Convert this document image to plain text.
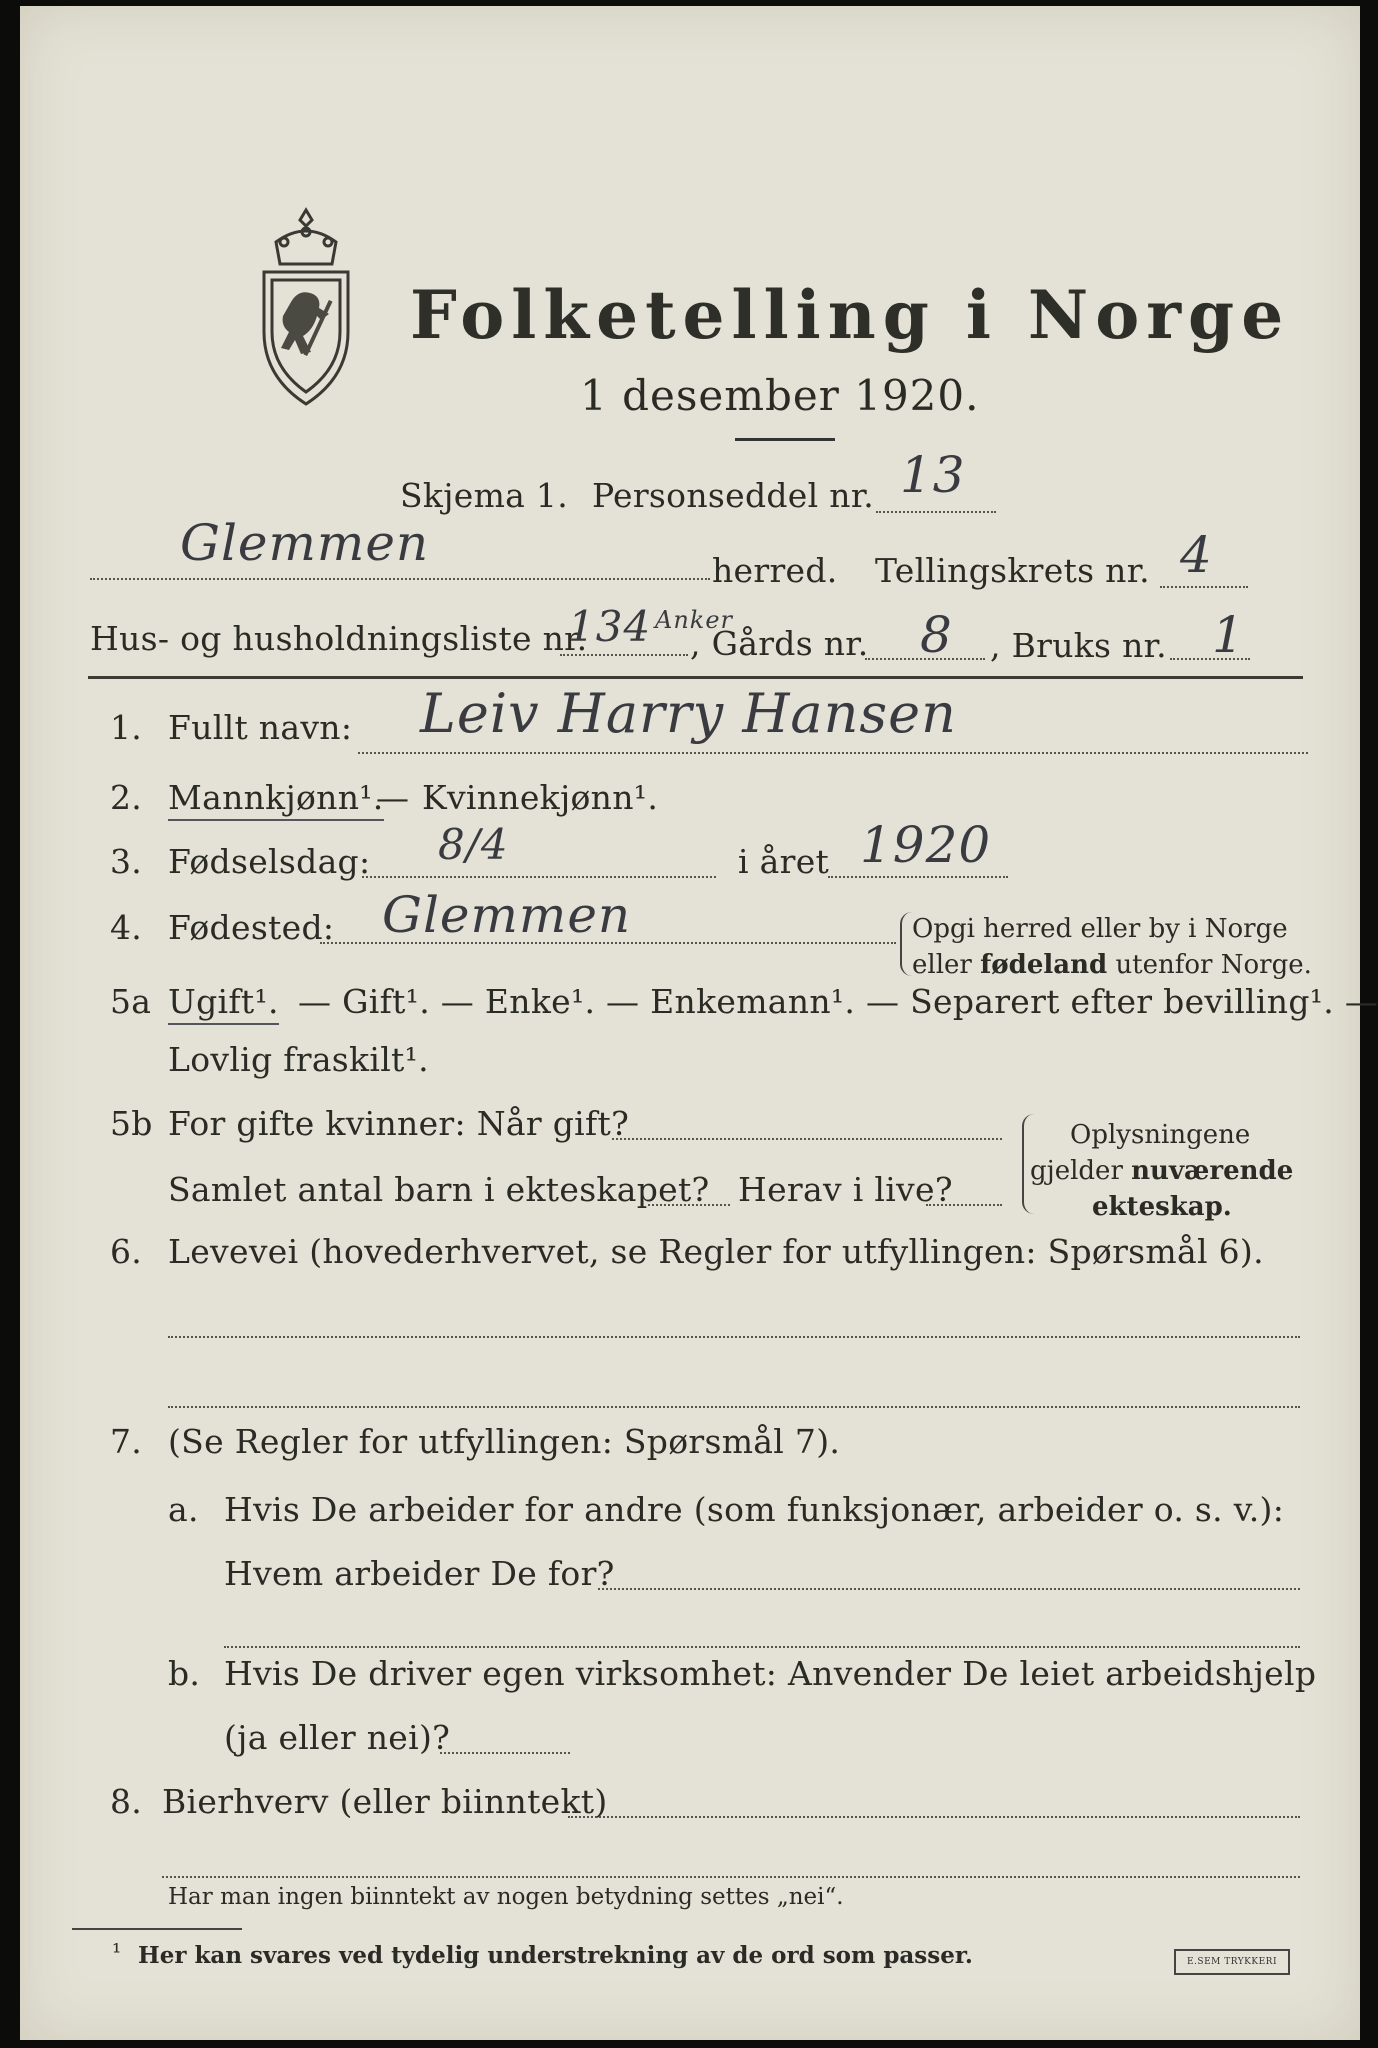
Folketelling i Norge
1 desember 1920.
Skjema 1. Personseddel nr. 13
Glemmen	herred. Tellingskrets nr. 4
Hus- og husholdningsliste nr.
134 Anker
, Gårds nr. 8 , Bruks nr. 1
1. Fullt navn: Leiv Harry Hansen
2. Mannkjønn¹.
— Kvinnekjønn¹.
3. Fødselsdag: 8/4	i året 1920
4. Fødested: Glemmen	Opgi herred eller by i Norge
eller fødeland utenfor Norge.
5a Ugift¹. — Gift¹. — Enke¹. — Enkemann¹. — Separert efter bevilling¹. —
Lovlig fraskilt¹.
5b For gifte kvinner: Når gift?
Samlet antal barn i ekteskapet? Herav i live?
Oplysningene
gjelder nuværende
ekteskap.
6. Levevei (hovederhvervet, se Regler for utfyllingen: Spørsmål 6).
7. (Se Regler for utfyllingen: Spørsmål 7).
a. Hvis De arbeider for andre (som funksjonær, arbeider o. s. v.):
Hvem arbeider De for?
b. Hvis De driver egen virksomhet: Anvender De leiet arbeidshjelp
(ja eller nei)?
8. Bierhverv (eller biinntekt)
Har man ingen biinntekt av nogen betydning settes „nei“.
¹ Her kan svares ved tydelig understrekning av de ord som passer.	E.SEM TRYKKERI
